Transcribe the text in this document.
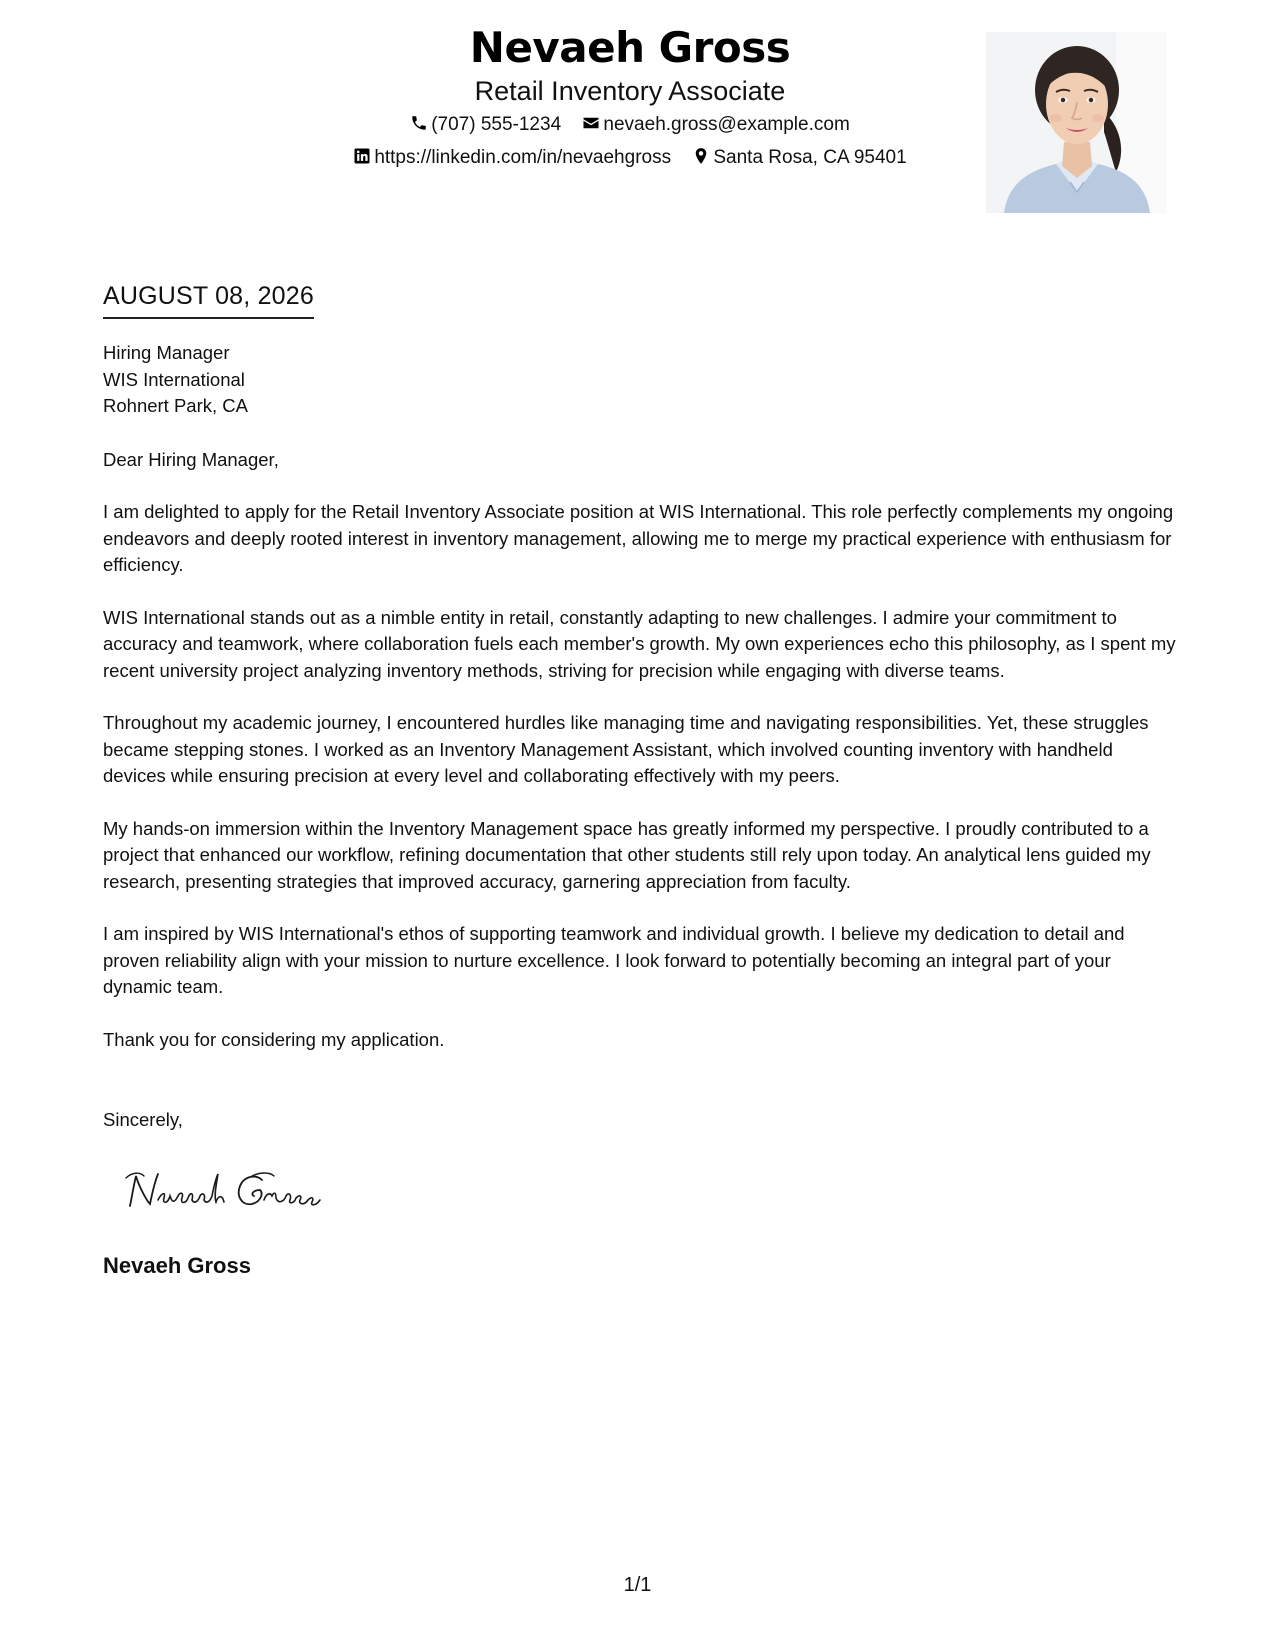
Nevaeh Gross
Retail Inventory Associate
(707) 555-1234 nevaeh.gross@example.com
https://linkedin.com/in/nevaehgross Santa Rosa, CA 95401
AUGUST 08, 2026
Hiring Manager
WIS International
Rohnert Park, CA
Dear Hiring Manager,

I am delighted to apply for the Retail Inventory Associate position at WIS International. This role perfectly complements my ongoing endeavors and deeply rooted interest in inventory management, allowing me to merge my practical experience with enthusiasm for efficiency.

WIS International stands out as a nimble entity in retail, constantly adapting to new challenges. I admire your commitment to accuracy and teamwork, where collaboration fuels each member's growth. My own experiences echo this philosophy, as I spent my recent university project analyzing inventory methods, striving for precision while engaging with diverse teams.

Throughout my academic journey, I encountered hurdles like managing time and navigating responsibilities. Yet, these struggles became stepping stones. I worked as an Inventory Management Assistant, which involved counting inventory with handheld devices while ensuring precision at every level and collaborating effectively with my peers.

My hands-on immersion within the Inventory Management space has greatly informed my perspective. I proudly contributed to a project that enhanced our workflow, refining documentation that other students still rely upon today. An analytical lens guided my research, presenting strategies that improved accuracy, garnering appreciation from faculty.

I am inspired by WIS International's ethos of supporting teamwork and individual growth. I believe my dedication to detail and proven reliability align with your mission to nurture excellence. I look forward to potentially becoming an integral part of your dynamic team.

Thank you for considering my application.
Sincerely,
Nevaeh Gross
1/1
